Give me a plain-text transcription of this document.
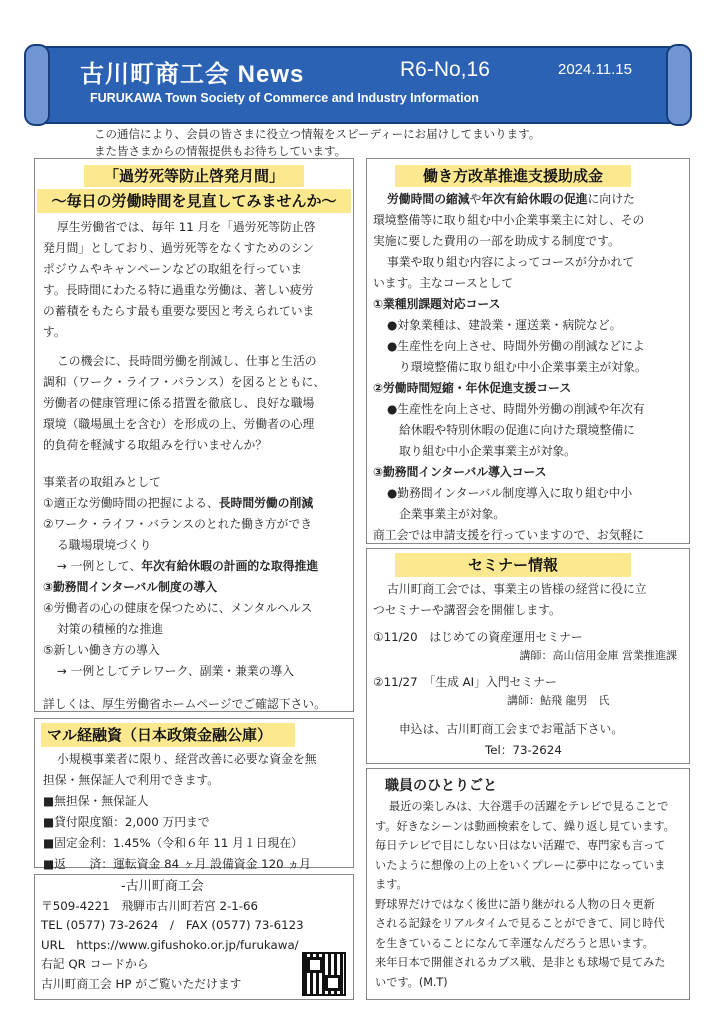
古川町商工会 News	R6-No,16	2024.11.15
FURUKAWA Town Society of Commerce and Industry Information
この通信により、会員の皆さまに役立つ情報をスピーディーにお届けしてまいります。
また皆さまからの情報提供もお待ちしています。
「過労死等防止啓発月間」
～毎日の労働時間を見直してみませんか～

厚生労働省では、毎年 11 月を「過労死等防止啓

発月間」としており、過労死等をなくすためのシン

ポジウムやキャンペーンなどの取組を行っていま

す。長時間にわたる特に過重な労働は、著しい疲労

の蓄積をもたらす最も重要な要因と考えられていま

す。

この機会に、長時間労働を削減し、仕事と生活の

調和（ワーク・ライフ・バランス）を図るとともに、

労働者の健康管理に係る措置を徹底し、良好な職場

環境（職場風土を含む）を形成の上、労働者の心理

的負荷を軽減する取組みを行いませんか？

事業者の取組みとして

①適正な労働時間の把握による、長時間労働の削減

②ワーク・ライフ・バランスのとれた働き方ができ

る職場環境づくり

→ 一例として、年次有給休暇の計画的な取得推進

③勤務間インターバル制度の導入

④労働者の心の健康を保つために、メンタルヘルス

対策の積極的な推進

⑤新しい働き方の導入

→ 一例としてテレワーク、副業・兼業の導入

詳しくは、厚生労働省ホームページでご確認下さい。

マル経融資（日本政策金融公庫）

小規模事業者に限り、経営改善に必要な資金を無

担保・無保証人で利用できます。

■無担保・無保証人

■貸付限度額：2,000 万円まで

■固定金利：1.45%（令和６年 11 月１日現在）

■返　　済：運転資金 84 ヶ月 設備資金 120 ヵ月

-古川町商工会

〒509-4221　飛騨市古川町若宮 2-1-66

TEL (0577) 73-2624　/　FAX (0577) 73-6123

URL　https://www.gifushoko.or.jp/furukawa/

右記 QR コードから

古川町商工会 HP がご覧いただけます

働き方改革推進支援助成金

労働時間の縮減や年次有給休暇の促進に向けた

環境整備等に取り組む中小企業事業主に対し、その

実施に要した費用の一部を助成する制度です。

事業や取り組む内容によってコースが分かれて

います。主なコースとして

①業種別課題対応コース

●対象業種は、建設業・運送業・病院など。

●生産性を向上させ、時間外労働の削減などによ

り環境整備に取り組む中小企業事業主が対象。

②労働時間短縮・年休促進支援コース

●生産性を向上させ、時間外労働の削減や年次有

給休暇や特別休暇の促進に向けた環境整備に

取り組む中小企業事業主が対象。

③勤務間インターバル導入コース

●勤務間インターバル制度導入に取り組む中小

企業事業主が対象。

商工会では申請支援を行っていますので、お気軽に

セミナー情報

古川町商工会では、事業主の皆様の経営に役に立

つセミナーや講習会を開催します。

①11/20　はじめての資産運用セミナー

講師：高山信用金庫 営業推進課

②11/27　「生成 AI」入門セミナー

講師：鮎飛 龍男　氏

申込は、古川町商工会までお電話下さい。

Tel：73-2624

職員のひとりごと

最近の楽しみは、大谷選手の活躍をテレビで見ることで

す。好きなシーンは動画検索をして、繰り返し見ています。

毎日テレビで目にしない日はない活躍で、専門家も言って

いたように想像の上の上をいくプレーに夢中になっていま

ます。

野球界だけではなく後世に語り継がれる人物の日々更新

される記録をリアルタイムで見ることができて、同じ時代

を生きていることになんて幸運なんだろうと思います。

来年日本で開催されるカブス戦、是非とも球場で見てみた

いです。(M.T)
